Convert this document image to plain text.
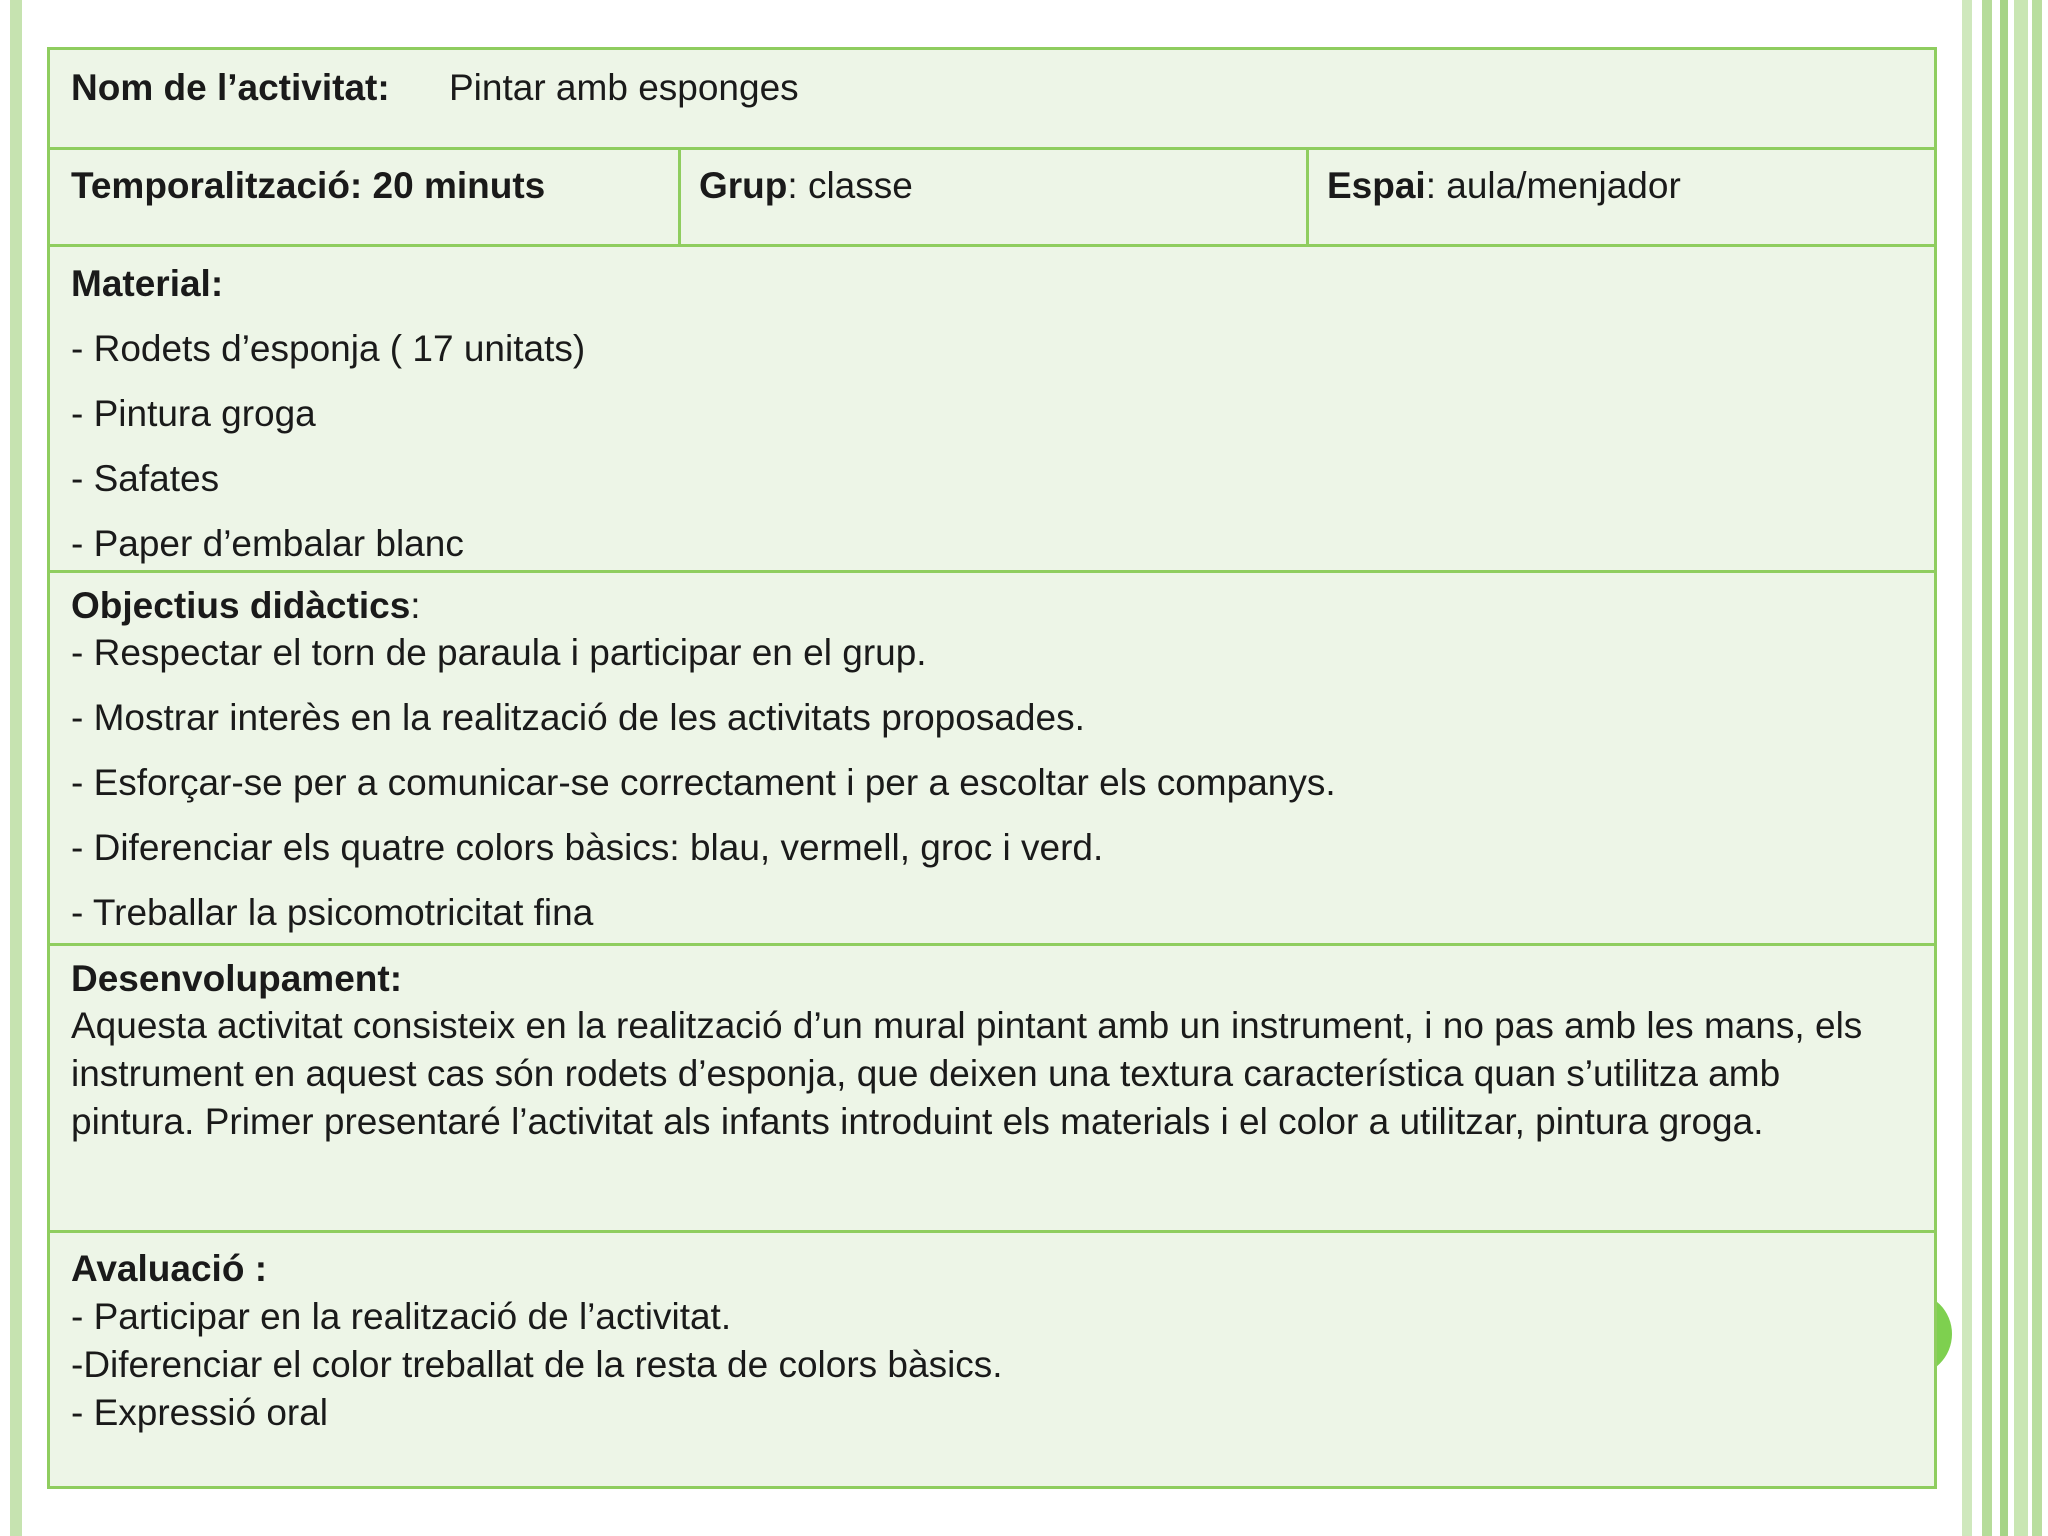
Nom de l’activitat: Pintar amb esponges
Temporalització: 20 minuts	Grup: classe	Espai: aula/menjador
Material:
- Rodets d’esponja ( 17 unitats)
- Pintura groga
- Safates
- Paper d’embalar blanc
Objectius didàctics:
- Respectar el torn de paraula i participar en el grup.
- Mostrar interès en la realització de les activitats proposades.
- Esforçar-se per a comunicar-se correctament i per a escoltar els companys.
- Diferenciar els quatre colors bàsics: blau, vermell, groc i verd.
- Treballar la psicomotricitat fina
Desenvolupament:
Aquesta activitat consisteix en la realització d’un mural pintant amb un instrument, i no pas amb les mans, els instrument en aquest cas són rodets d’esponja, que deixen una textura característica quan s’utilitza amb pintura. Primer presentaré l’activitat als infants introduint els materials i el color a utilitzar, pintura groga.
Avaluació :
- Participar en la realització de l’activitat.
-Diferenciar el color treballat de la resta de colors bàsics.
- Expressió oral
